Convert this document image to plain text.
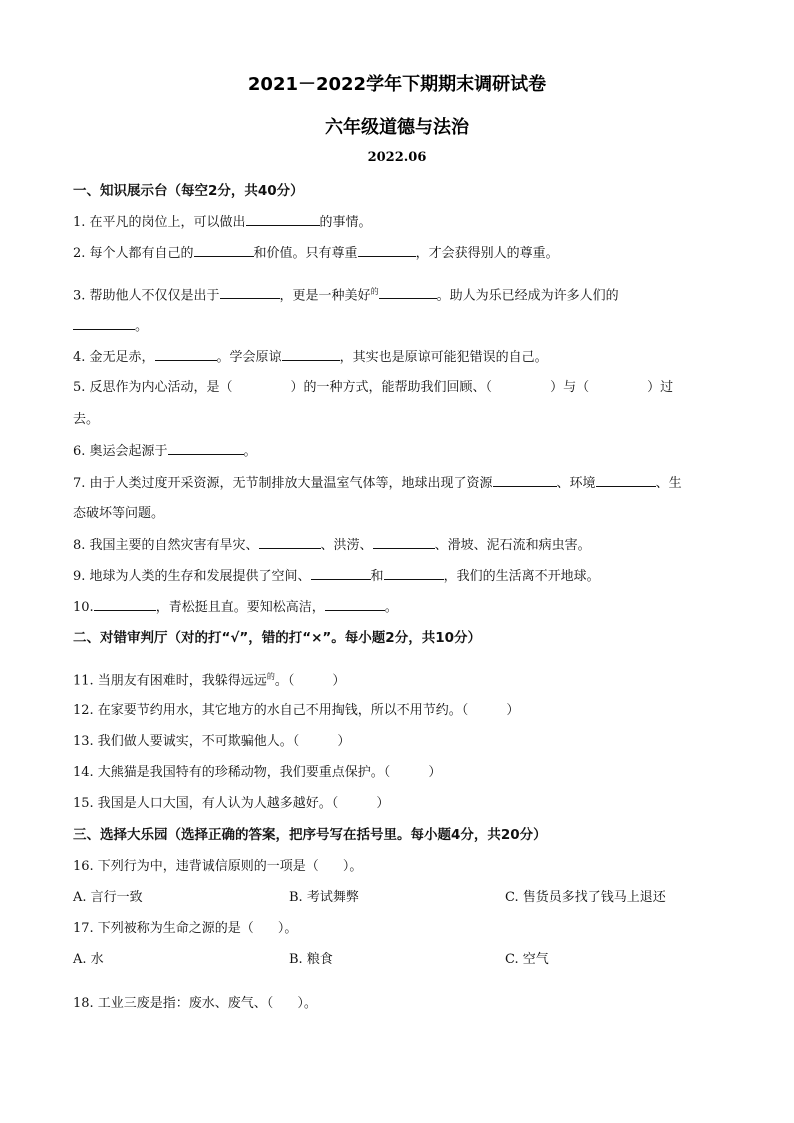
2021－2022学年下期期末调研试卷
六年级道德与法治
2022.06
一、知识展示台（每空2分，共40分）
1. 在平凡的岗位上，可以做出	的事情。
2. 每个人都有自己的	和价值。只有尊重	，才会获得别人的尊重。
3. 帮助他人不仅仅是出于	，更是一种美好$^的$	。助人为乐已经成为许多人们的
。
4. 金无足赤，	。学会原谅	，其实也是原谅可能犯错误的自己。
5. 反思作为内心活动，是（	）的一种方式，能帮助我们回顾、（	）与（	）过
去。
6. 奥运会起源于	。
7. 由于人类过度开采资源，无节制排放大量温室气体等，地球出现了资源	、环境	、生
态破坏等问题。
8. 我国主要的自然灾害有旱灾、	、洪涝、	、滑坡、泥石流和病虫害。
9. 地球为人类的生存和发展提供了空间、	和	，我们的生活离不开地球。
10.	，青松挺且直。要知松高洁，	。
二、对错审判厅（对的打“√”，错的打“×”。每小题2分，共10分）
11. 当朋友有困难时，我躲得远远$^的$。（	）
12. 在家要节约用水，其它地方的水自己不用掏钱，所以不用节约。（	）
13. 我们做人要诚实，不可欺骗他人。（	）
14. 大熊猫是我国特有的珍稀动物，我们要重点保护。（	）
15. 我国是人口大国，有人认为人越多越好。（	）
三、选择大乐园（选择正确的答案，把序号写在括号里。每小题4分，共20分）
16. 下列行为中，违背诚信原则的一项是（ ）。
A. 言行一致	B. 考试舞弊	C. 售货员多找了钱马上退还
17. 下列被称为生命之源的是（ ）。
A. 水	B. 粮食	C. 空气
18. 工业三废是指：废水、废气、（ ）。
